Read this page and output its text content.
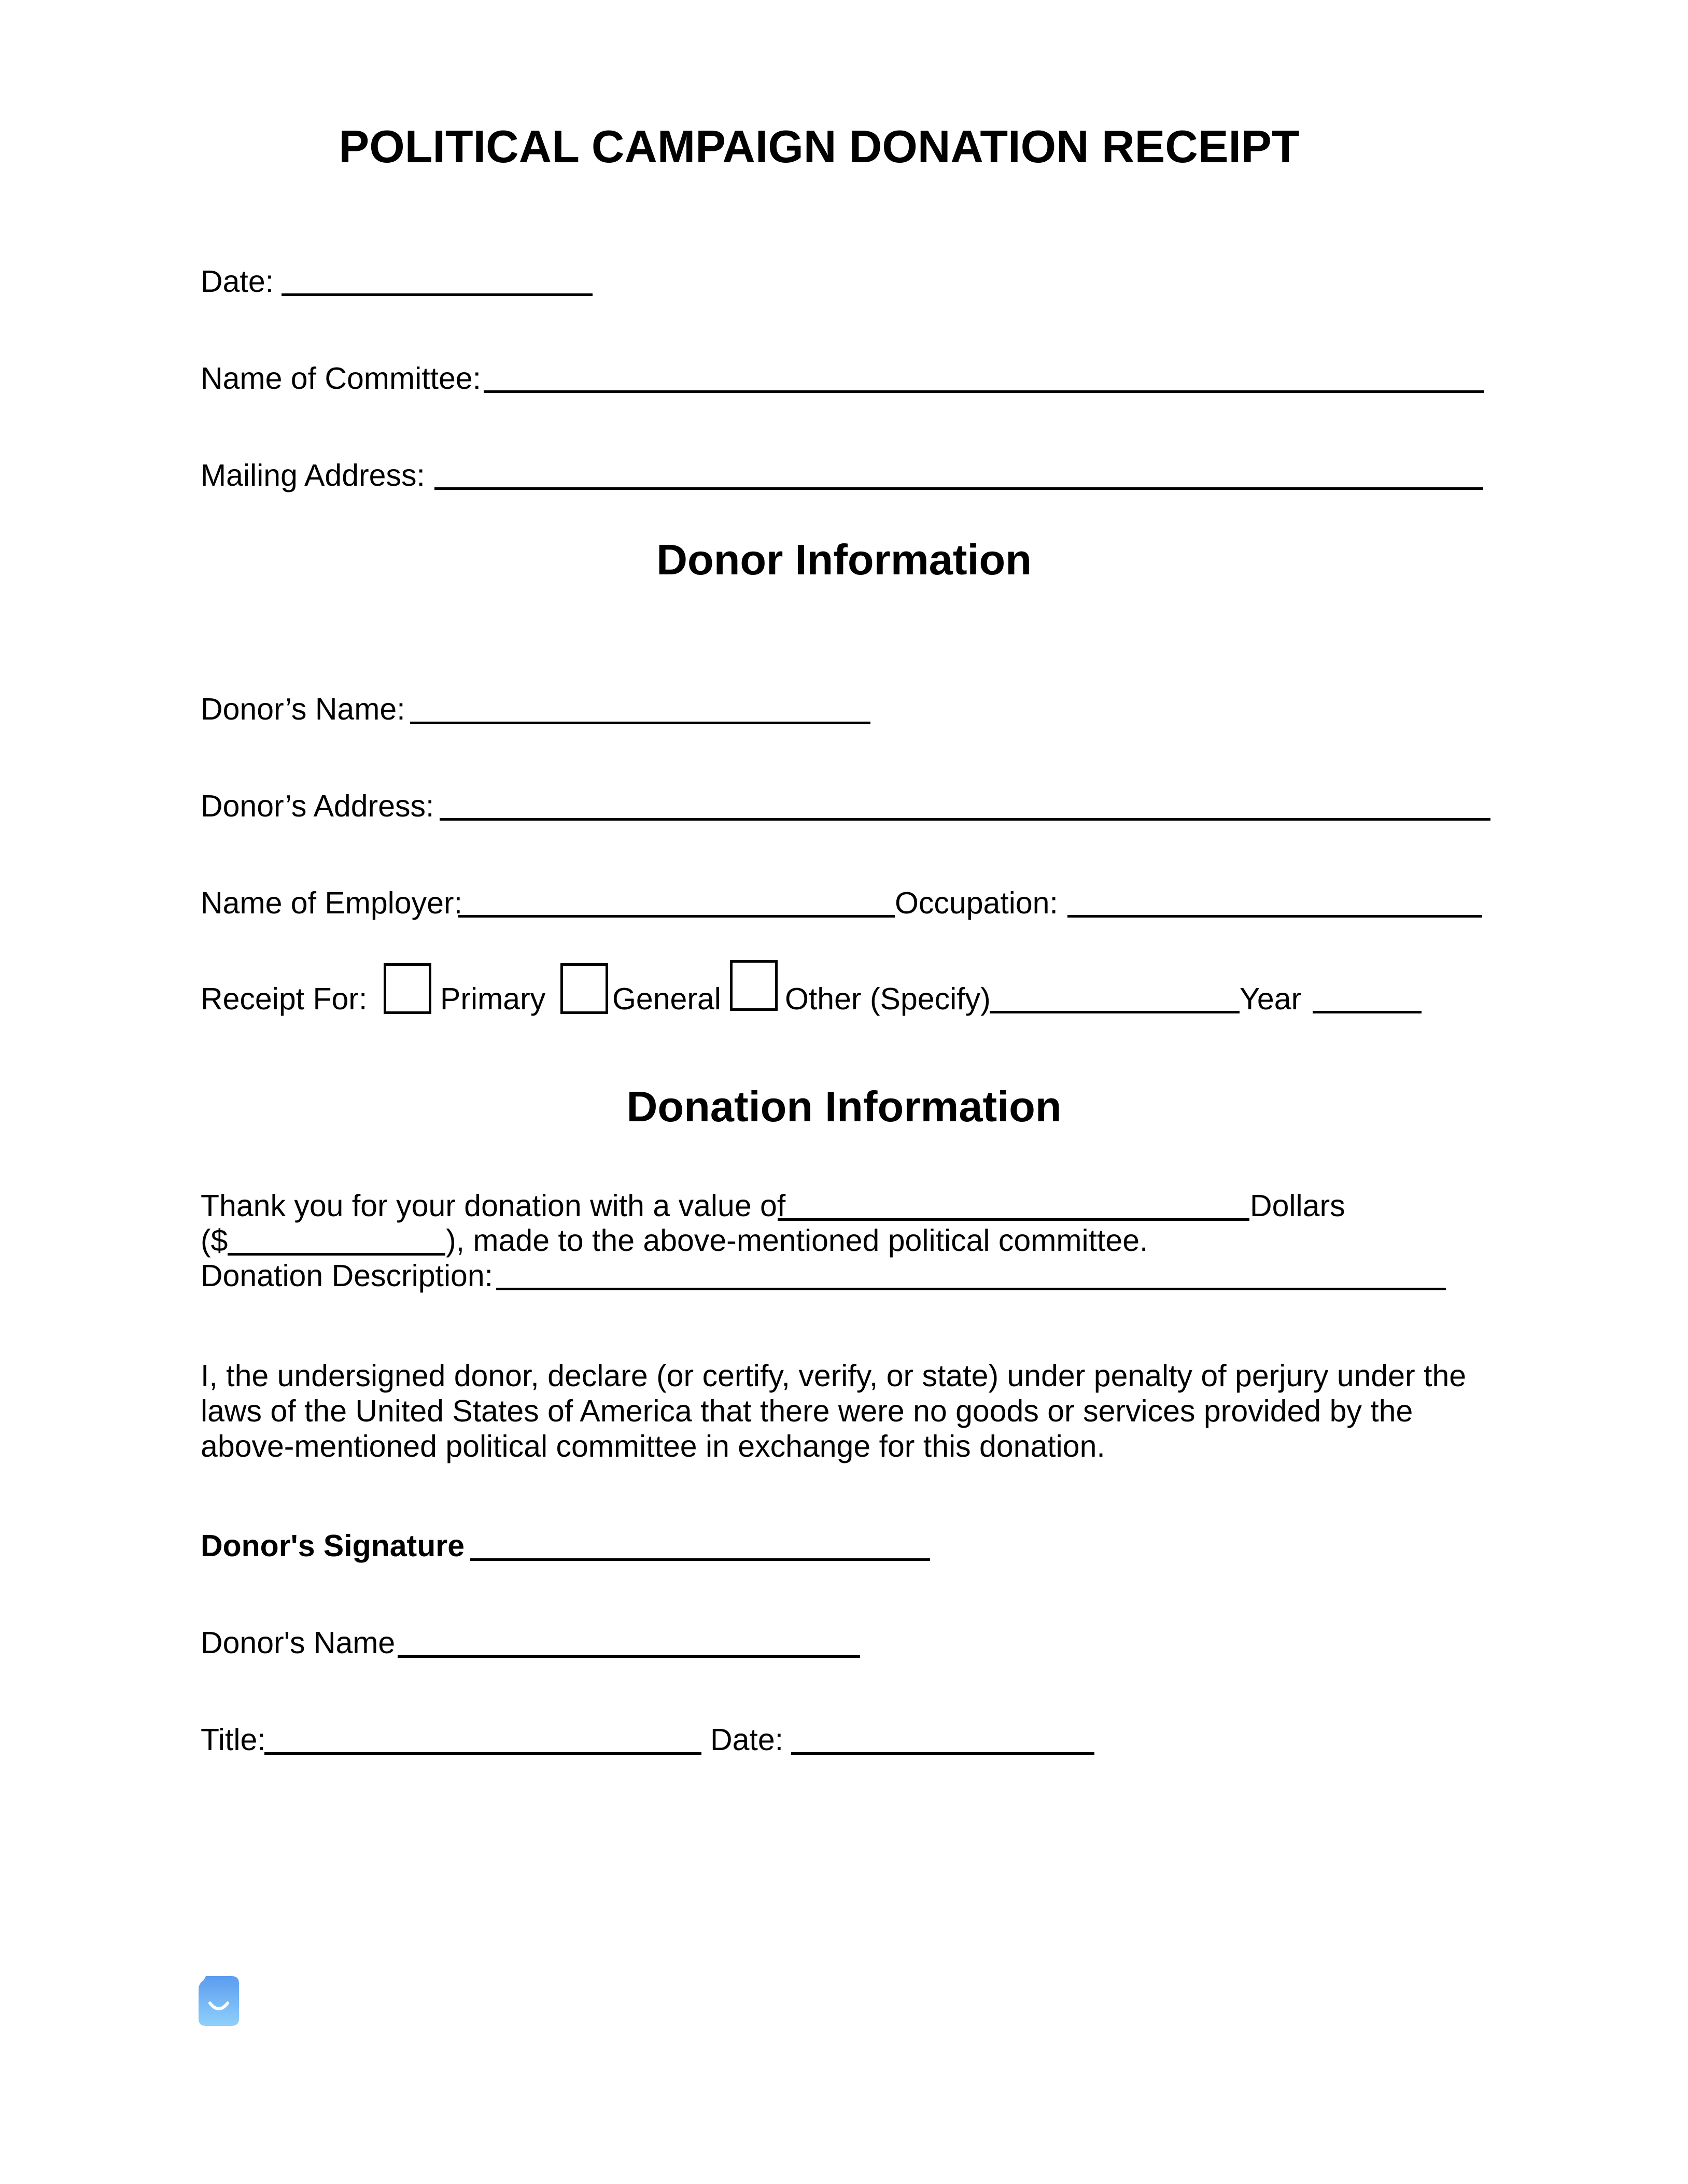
POLITICAL CAMPAIGN DONATION RECEIPT
Date:
Name of Committee:
Mailing Address:
Donor Information
Donor’s Name:
Donor’s Address:
Name of Employer:	Occupation:
Receipt For: Primary General Other (Specify)	Year
Donation Information
Thank you for your donation with a value of	Dollars
($	), made to the above-mentioned political committee.
Donation Description:
I, the undersigned donor, declare (or certify, verify, or state) under penalty of perjury under the
laws of the United States of America that there were no goods or services provided by the
above-mentioned political committee in exchange for this donation.
Donor's Signature
Donor's Name
Title:	Date:
